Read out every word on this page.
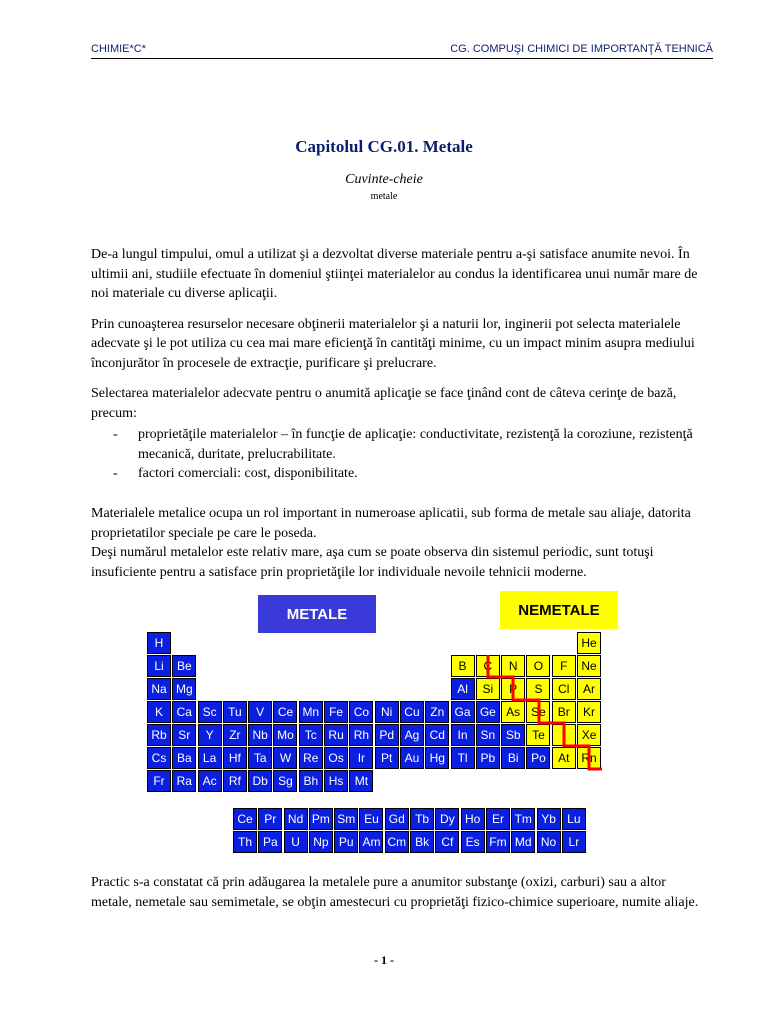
CHIMIE*C*	CG. COMPUŞI CHIMICI DE IMPORTANŢĂ TEHNICĂ
Capitolul CG.01. Metale
Cuvinte-cheie
metale

De-a lungul timpului, omul a utilizat şi a dezvoltat diverse materiale pentru a-şi satisface anumite nevoi. În ultimii ani, studiile efectuate în domeniul ştiinţei materialelor au condus la identificarea unui număr mare de noi materiale cu diverse aplicaţii.

Prin cunoaşterea resurselor necesare obţinerii materialelor şi a naturii lor, inginerii pot selecta materialele adecvate şi le pot utiliza cu cea mai mare eficienţă în cantităţi minime, cu un impact minim asupra mediului înconjurător în procesele de extracţie, purificare şi prelucrare.

Selectarea materialelor adecvate pentru o anumită aplicaţie se face ţinând cont de câteva cerinţe de bază, precum:

- proprietăţile materialelor – în funcţie de aplicaţie: conductivitate, rezistenţă la coroziune, rezistenţă mecanică, duritate, prelucrabilitate.
- factori comerciali: cost, disponibilitate.

Materialele metalice ocupa un rol important in numeroase aplicatii, sub forma de metale sau aliaje, datorita proprietatilor speciale pe care le poseda.

Deşi numărul metalelor este relativ mare, aşa cum se poate observa din sistemul periodic, sunt totuşi insuficiente pentru a satisface prin proprietăţile lor individuale nevoile tehnicii moderne.

METALE	NEMETALE
H	He
Li	Be	B	C	N	O	F	Ne
Na Mg	Al	Si	P	S	Cl	Ar
K	Ca Sc Tu	V	Ce Mn Fe Co Ni Cu Zn Ga Ge As Se Br	Kr
Rb Sr	Y	Zr Nb Mo Tc Ru Rh Pd Ag Cd	In	Sn Sb Te	I	Xe
Cs Ba La	Hf	Ta	W Re Os	Ir	Pt	Au Hg	Tl	Pb	Bi	Po	At Rn
Fr Ra Ac	Rf Db Sg Bh Hs Mt
Ce Pr Nd Pm Sm Eu Gd Tb Dy Ho Er Tm Yb Lu
Th Pa	U	Np Pu Am Cm Bk	Cf	Es Fm Md No	Lr

Practic s-a constatat că prin adăugarea la metalele pure a anumitor substanţe (oxizi, carburi) sau a altor metale, nemetale sau semimetale, se obţin amestecuri cu proprietăţi fizico-chimice superioare, numite aliaje.

- 1 -
